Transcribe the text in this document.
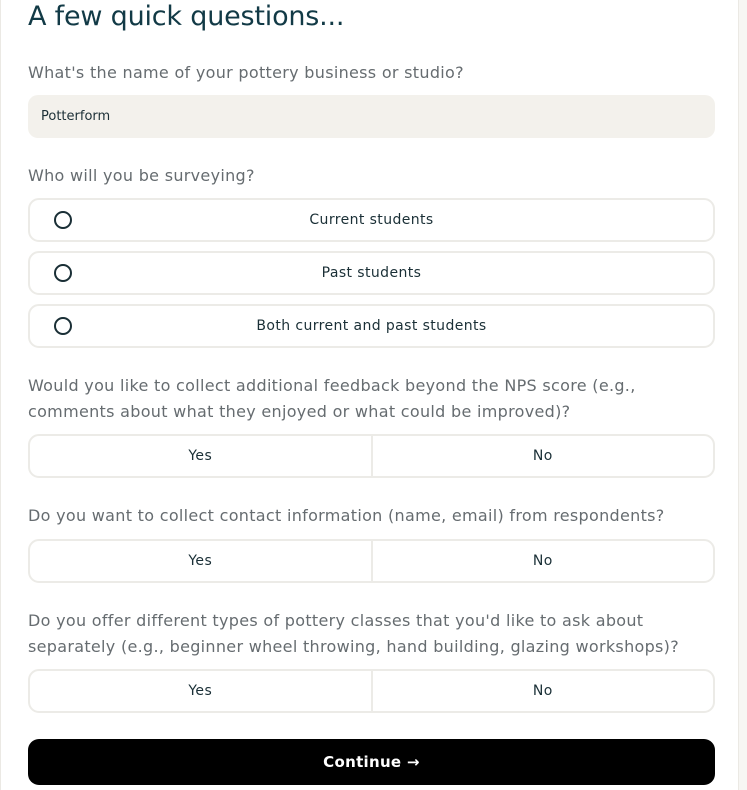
A few quick questions...

What's the name of your pottery business or studio?

Potterform

Who will you be surveying?

Current students
Past students
Both current and past students

Would you like to collect additional feedback beyond the NPS score (e.g., comments about what they enjoyed or what could be improved)?

Yes	No

Do you want to collect contact information (name, email) from respondents?

Yes	No

Do you offer different types of pottery classes that you'd like to ask about separately (e.g., beginner wheel throwing, hand building, glazing workshops)?

Yes	No
Continue →
